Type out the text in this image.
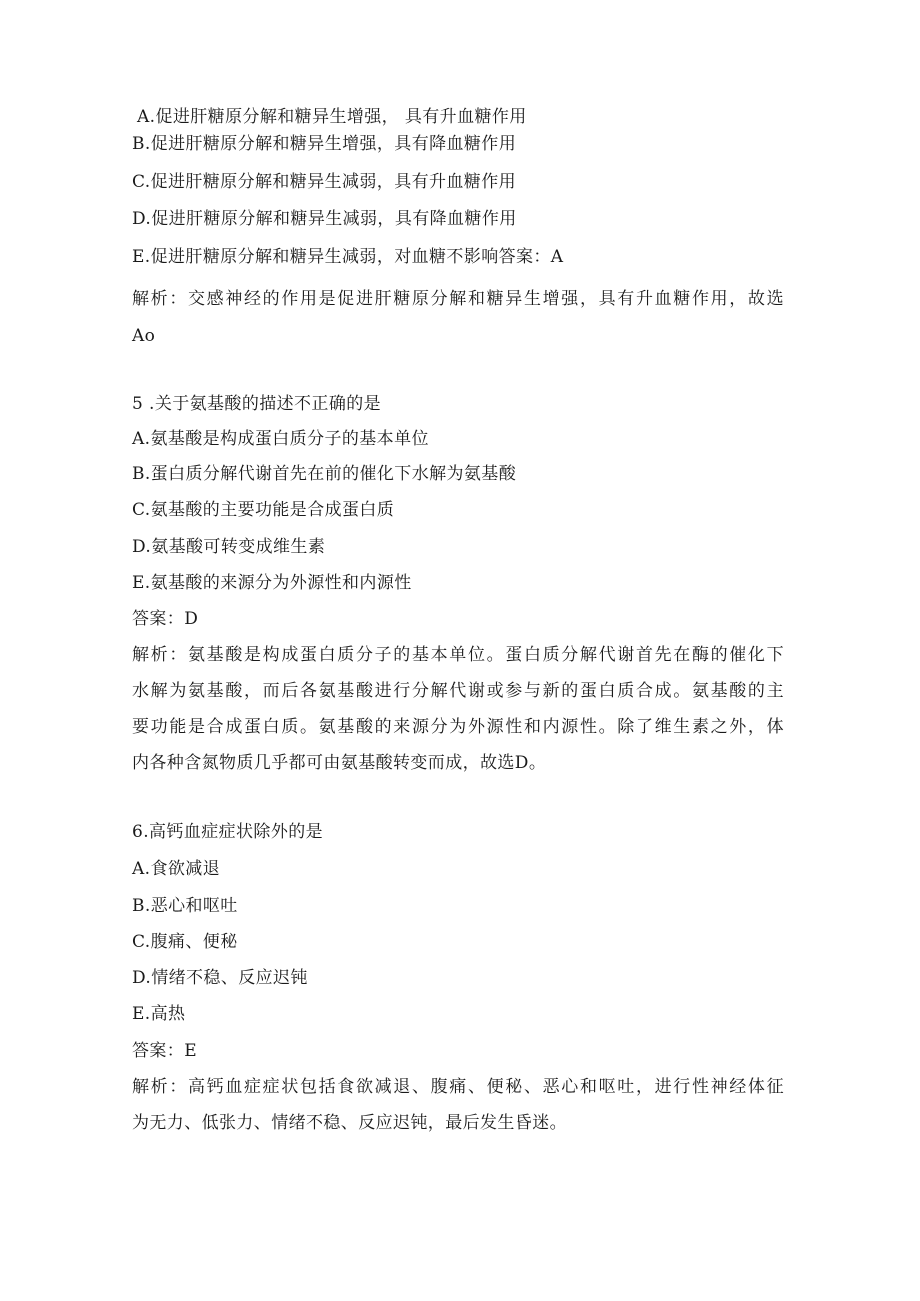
A.促进肝糖原分解和糖异生增强， 具有升血糖作用
B.促进肝糖原分解和糖异生增强，具有降血糖作用
C.促进肝糖原分解和糖异生减弱，具有升血糖作用
D.促进肝糖原分解和糖异生减弱，具有降血糖作用
E.促进肝糖原分解和糖异生减弱，对血糖不影响答案：A
解析：交感神经的作用是促进肝糖原分解和糖异生增强，具有升血糖作用，故选
Ao
5 .关于氨基酸的描述不正确的是
A.氨基酸是构成蛋白质分子的基本单位
B.蛋白质分解代谢首先在前的催化下水解为氨基酸
C.氨基酸的主要功能是合成蛋白质
D.氨基酸可转变成维生素
E.氨基酸的来源分为外源性和内源性
答案：D
解析：氨基酸是构成蛋白质分子的基本单位。蛋白质分解代谢首先在酶的催化下
水解为氨基酸，而后各氨基酸进行分解代谢或参与新的蛋白质合成。氨基酸的主
要功能是合成蛋白质。氨基酸的来源分为外源性和内源性。除了维生素之外，体
内各种含氮物质几乎都可由氨基酸转变而成，故选D。
6.高钙血症症状除外的是
A.食欲减退
B.恶心和呕吐
C.腹痛、便秘
D.情绪不稳、反应迟钝
E.高热
答案：E
解析：高钙血症症状包括食欲减退、腹痛、便秘、恶心和呕吐，进行性神经体征
为无力、低张力、情绪不稳、反应迟钝，最后发生昏迷。
